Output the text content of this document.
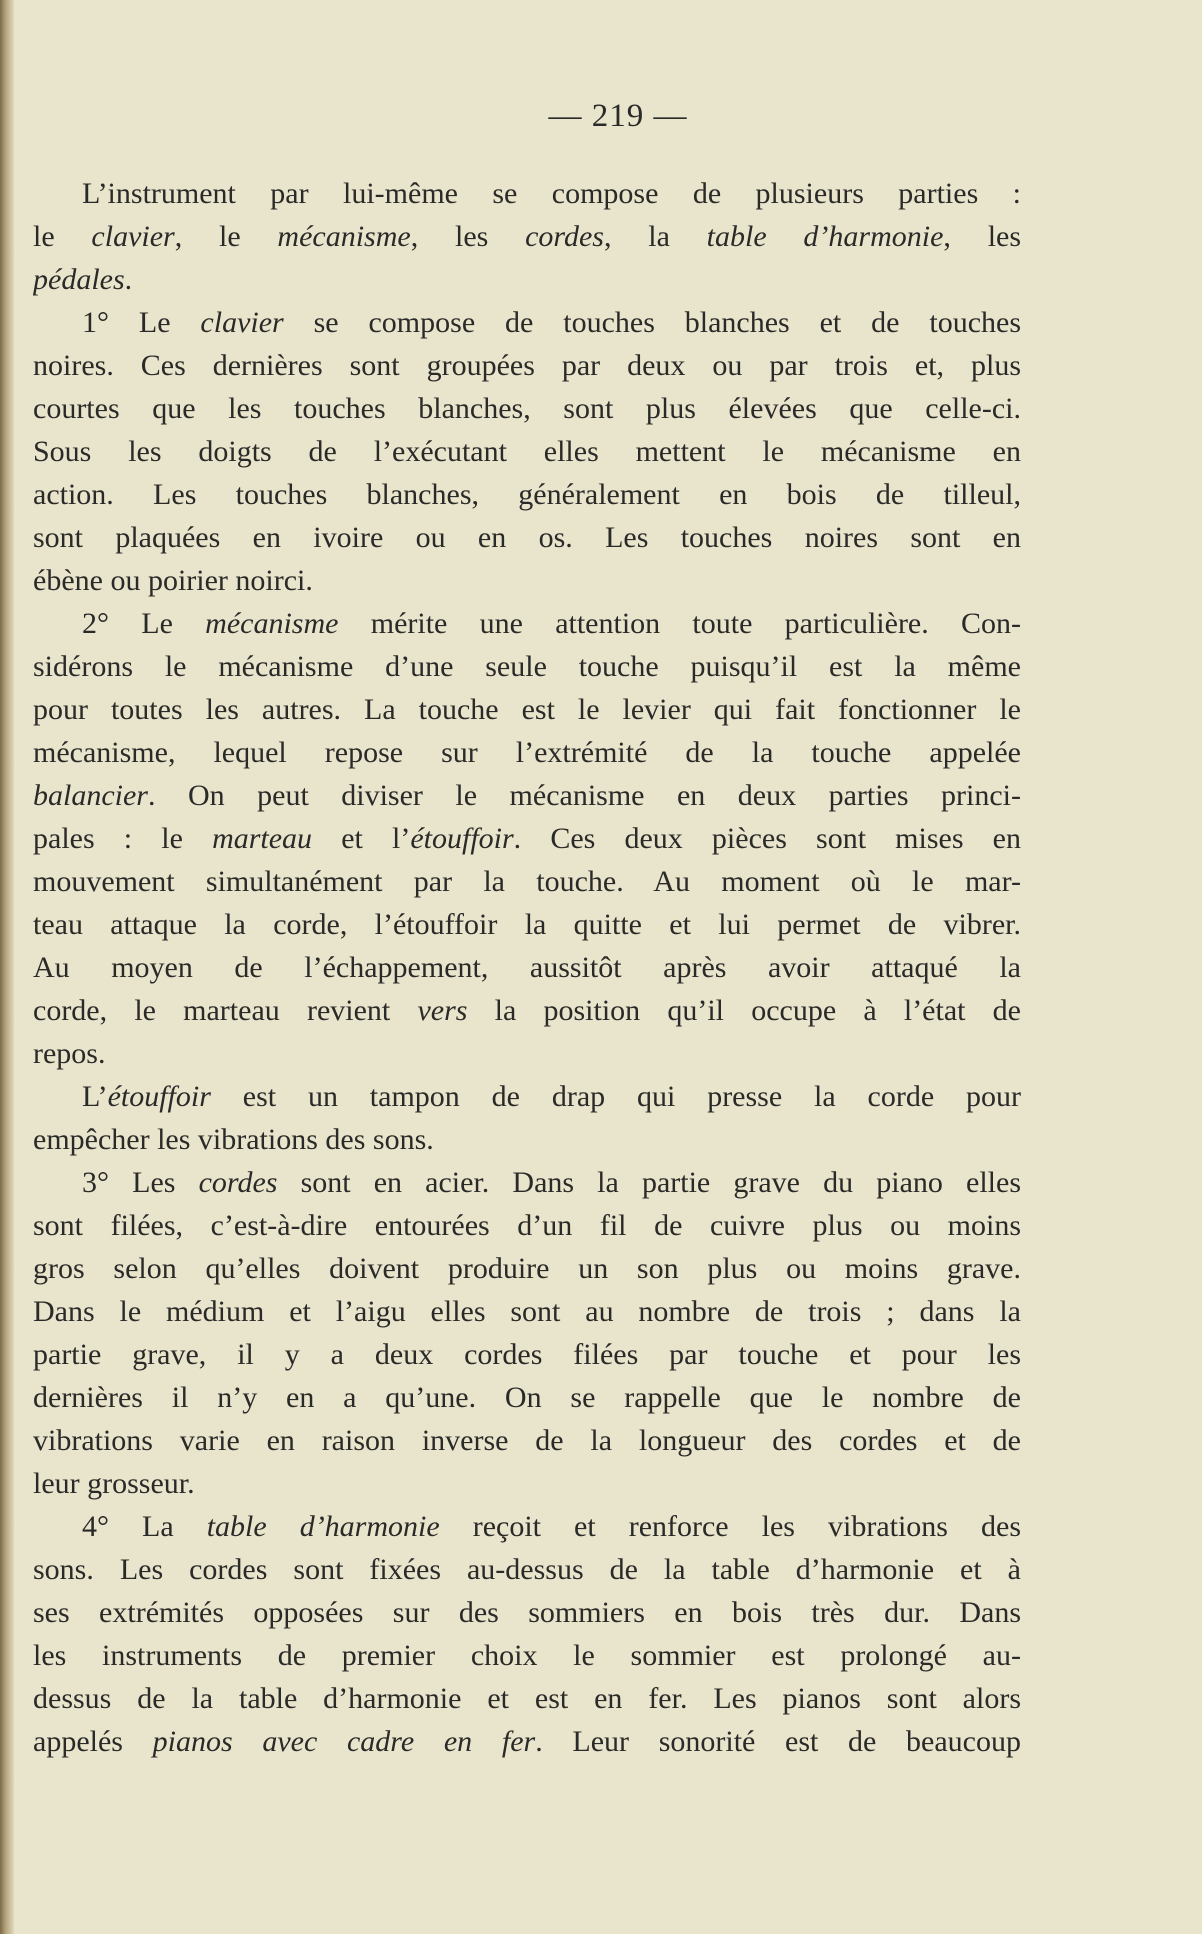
— 219 —
L’instrument par lui-même se compose de plusieurs parties :
le clavier, le mécanisme, les cordes, la table d’harmonie, les
pédales.
1° Le clavier se compose de touches blanches et de touches
noires. Ces dernières sont groupées par deux ou par trois et, plus
courtes que les touches blanches, sont plus élevées que celle-ci.
Sous les doigts de l’exécutant elles mettent le mécanisme en
action. Les touches blanches, généralement en bois de tilleul,
sont plaquées en ivoire ou en os. Les touches noires sont en
ébène ou poirier noirci.
2° Le mécanisme mérite une attention toute particulière. Con-
sidérons le mécanisme d’une seule touche puisqu’il est la même
pour toutes les autres. La touche est le levier qui fait fonctionner le
mécanisme, lequel repose sur l’extrémité de la touche appelée
balancier. On peut diviser le mécanisme en deux parties princi-
pales : le marteau et l’étouffoir. Ces deux pièces sont mises en
mouvement simultanément par la touche. Au moment où le mar-
teau attaque la corde, l’étouffoir la quitte et lui permet de vibrer.
Au moyen de l’échappement, aussitôt après avoir attaqué la
corde, le marteau revient vers la position qu’il occupe à l’état de
repos.
L’étouffoir est un tampon de drap qui presse la corde pour
empêcher les vibrations des sons.
3° Les cordes sont en acier. Dans la partie grave du piano elles
sont filées, c’est-à-dire entourées d’un fil de cuivre plus ou moins
gros selon qu’elles doivent produire un son plus ou moins grave.
Dans le médium et l’aigu elles sont au nombre de trois ; dans la
partie grave, il y a deux cordes filées par touche et pour les
dernières il n’y en a qu’une. On se rappelle que le nombre de
vibrations varie en raison inverse de la longueur des cordes et de
leur grosseur.
4° La table d’harmonie reçoit et renforce les vibrations des
sons. Les cordes sont fixées au-dessus de la table d’harmonie et à
ses extrémités opposées sur des sommiers en bois très dur. Dans
les instruments de premier choix le sommier est prolongé au-
dessus de la table d’harmonie et est en fer. Les pianos sont alors
appelés pianos avec cadre en fer. Leur sonorité est de beaucoup
